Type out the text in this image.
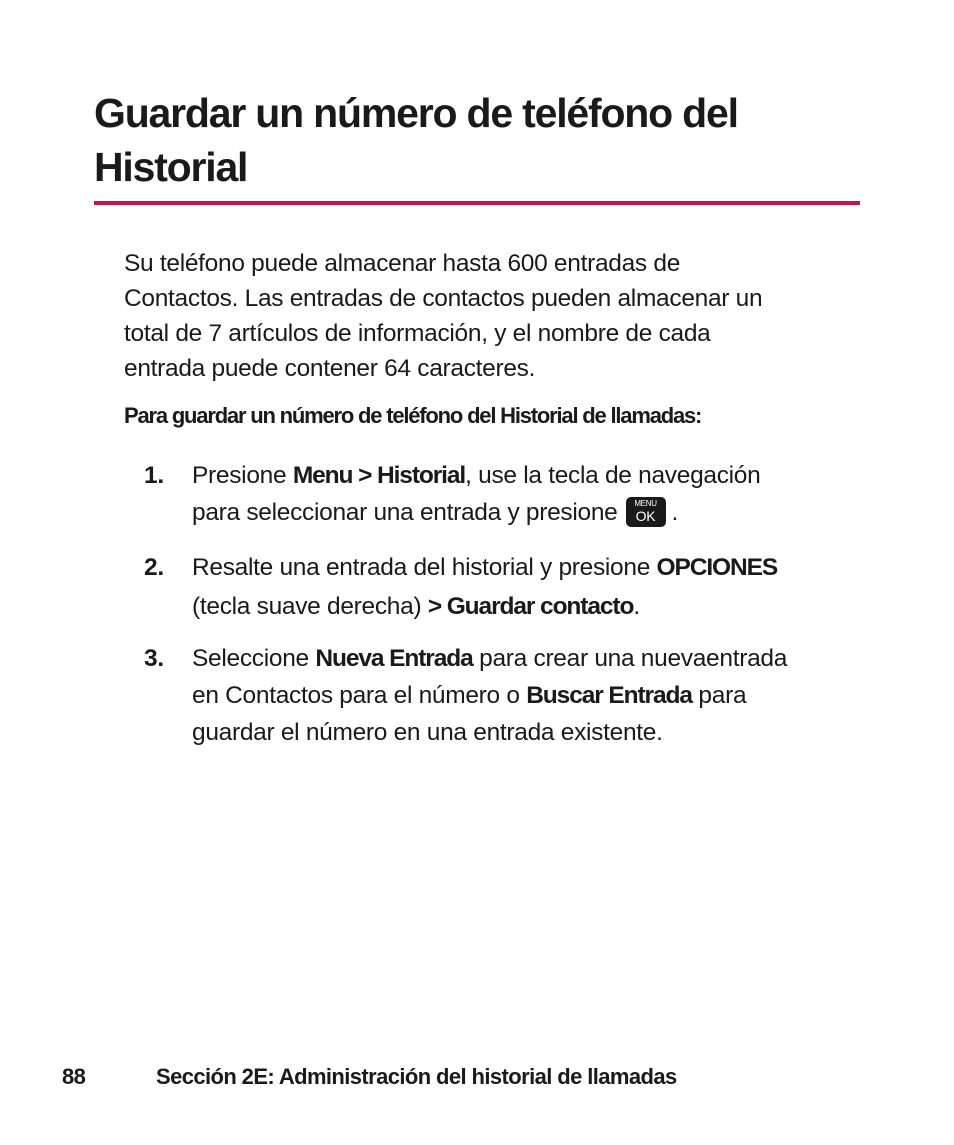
Guardar un número de teléfono del
Historial
Su teléfono puede almacenar hasta 600 entradas de
Contactos. Las entradas de contactos pueden almacenar un
total de 7 artículos de información, y el nombre de cada
entrada puede contener 64 caracteres.
Para guardar un número de teléfono del Historial de llamadas:
1. Presione Menu > Historial, use la tecla de navegación
para seleccionar una entrada y presione	MENU
OK .
2. Resalte una entrada del historial y presione OPCIONES
(tecla suave derecha) > Guardar contacto.
3. Seleccione Nueva Entrada para crear una nuevaentrada
en Contactos para el número o Buscar Entrada para
guardar el número en una entrada existente.
88	Sección 2E: Administración del historial de llamadas
